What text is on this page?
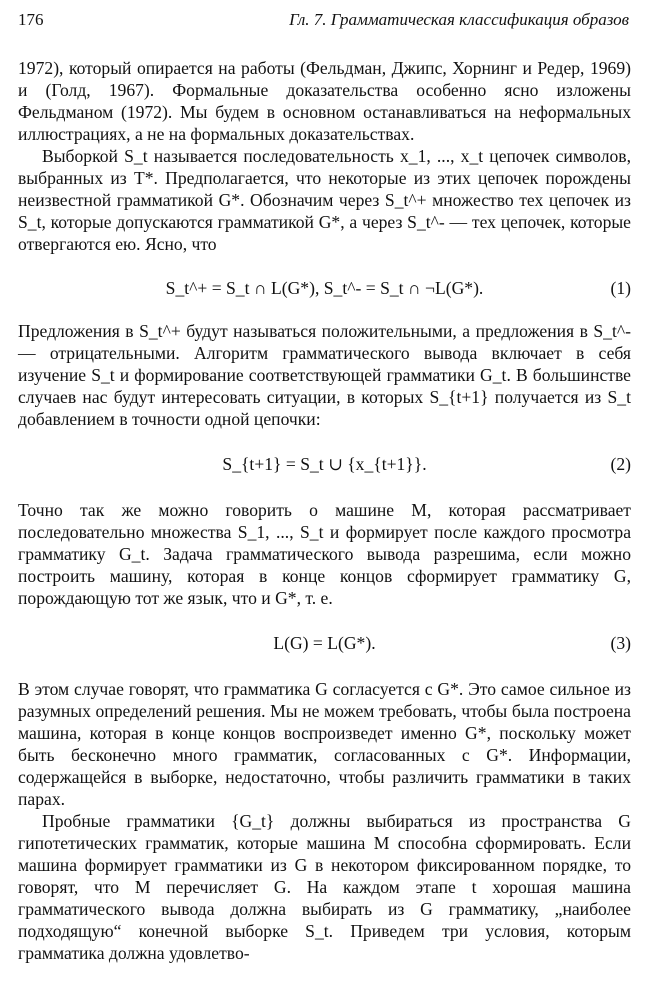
176	Гл. 7. Грамматическая классификация образов

1972), который опирается на работы (Фельдман, Джипс, Хорнинг и Редер, 1969) и (Голд, 1967). Формальные доказательства особенно ясно изложены Фельдманом (1972). Мы будем в основном останавливаться на неформальных иллюстрациях, а не на формальных доказательствах.

Выборкой S_t называется последовательность x_1, ..., x_t цепочек символов, выбранных из T*. Предполагается, что некоторые из этих цепочек порождены неизвестной грамматикой G*. Обозначим через S_t^+ множество тех цепочек из S_t, которые допускаются грамматикой G*, а через S_t^- — тех цепочек, которые отвергаются ею. Ясно, что

S_t^+ = S_t ∩ L(G*), S_t^- = S_t ∩ ¬L(G*).	(1)

Предложения в S_t^+ будут называться положительными, а предложения в S_t^- — отрицательными. Алгоритм грамматического вывода включает в себя изучение S_t и формирование соответствующей грамматики G_t. В большинстве случаев нас будут интересовать ситуации, в которых S_{t+1} получается из S_t добавлением в точности одной цепочки:

S_{t+1} = S_t ∪ {x_{t+1}}.	(2)

Точно так же можно говорить о машине M, которая рассматривает последовательно множества S_1, ..., S_t и формирует после каждого просмотра грамматику G_t. Задача грамматического вывода разрешима, если можно построить машину, которая в конце концов сформирует грамматику G, порождающую тот же язык, что и G*, т. е.

L(G) = L(G*).	(3)

В этом случае говорят, что грамматика G согласуется с G*. Это самое сильное из разумных определений решения. Мы не можем требовать, чтобы была построена машина, которая в конце концов воспроизведет именно G*, поскольку может быть бесконечно много грамматик, согласованных с G*. Информации, содержащейся в выборке, недостаточно, чтобы различить грамматики в таких парах.

Пробные грамматики {G_t} должны выбираться из пространства G гипотетических грамматик, которые машина M способна сформировать. Если машина формирует грамматики из G в некотором фиксированном порядке, то говорят, что M перечисляет G. На каждом этапе t хорошая машина грамматического вывода должна выбирать из G грамматику, „наиболее подходящую“ конечной выборке S_t. Приведем три условия, которым грамматика должна удовлетво-
